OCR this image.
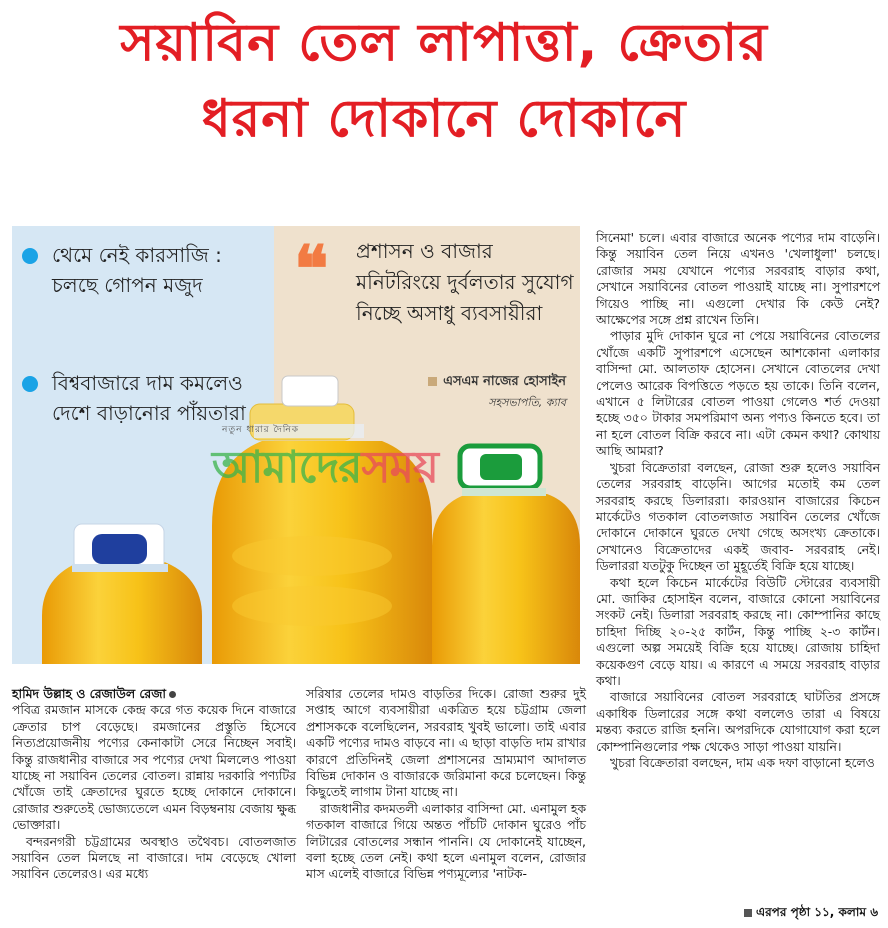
সয়াবিন তেল লাপাত্তা, ক্রেতার
ধরনা দোকানে দোকানে
থেমে নেই কারসাজি : চলছে গোপন মজুদ
বিশ্ববাজারে দাম কমলেও দেশে বাড়ানোর পাঁয়তারা
❝ প্রশাসন ও বাজার মনিটরিংয়ে দুর্বলতার সুযোগ নিচ্ছে অসাধু ব্যবসায়ীরা
এসএম নাজের হোসাইন
সহসভাপতি, ক্যাব
নতুন ধারার দৈনিক
আমাদেরসময়
হামিদ উল্লাহ ও রেজাউল রেজা

পবিত্র রমজান মাসকে কেন্দ্র করে গত কয়েক দিনে বাজারে ক্রেতার চাপ বেড়েছে। রমজানের প্রস্তুতি হিসেবে নিত্যপ্রয়োজনীয় পণ্যের কেনাকাটা সেরে নিচ্ছেন সবাই। কিন্তু রাজধানীর বাজারে সব পণ্যের দেখা মিললেও পাওয়া যাচ্ছে না সয়াবিন তেলের বোতল। রান্নায় দরকারি পণ্যটির খোঁজে তাই ক্রেতাদের ঘুরতে হচ্ছে দোকানে দোকানে। রোজার শুরুতেই ভোজ্যতেলে এমন বিড়ম্বনায় বেজায় ক্ষুব্ধ ভোক্তারা।

বন্দরনগরী চট্টগ্রামের অবস্থাও তথৈবচ। বোতলজাত সয়াবিন তেল মিলছে না বাজারে। দাম বেড়েছে খোলা সয়াবিন তেলেরও। এর মধ্যে

সরিষার তেলের দামও বাড়তির দিকে। রোজা শুরুর দুই সপ্তাহ আগে ব্যবসায়ীরা একত্রিত হয়ে চট্টগ্রাম জেলা প্রশাসককে বলেছিলেন, সরবরাহ খুবই ভালো। তাই এবার একটি পণ্যের দামও বাড়বে না। এ ছাড়া বাড়তি দাম রাখার কারণে প্রতিদিনই জেলা প্রশাসনের ভ্রাম্যমাণ আদালত বিভিন্ন দোকান ও বাজারকে জরিমানা করে চলেছেন। কিন্তু কিছুতেই লাগাম টানা যাচ্ছে না।

রাজধানীর কদমতলী এলাকার বাসিন্দা মো. এনামুল হক গতকাল বাজারে গিয়ে অন্তত পাঁচটি দোকান ঘুরেও পাঁচ লিটারের বোতলের সন্ধান পাননি। যে দোকানেই যাচ্ছেন, বলা হচ্ছে তেল নেই। কথা হলে এনামুল বলেন, রোজার মাস এলেই বাজারে বিভিন্ন পণ্যমূল্যের 'নাটক-

সিনেমা' চলে। এবার বাজারে অনেক পণ্যের দাম বাড়েনি। কিন্তু সয়াবিন তেল নিয়ে এখনও 'খেলাধুলা' চলছে। রোজার সময় যেখানে পণ্যের সরবরাহ বাড়ার কথা, সেখানে সয়াবিনের বোতল পাওয়াই যাচ্ছে না। সুপারশপে গিয়েও পাচ্ছি না। এগুলো দেখার কি কেউ নেই? আক্ষেপের সঙ্গে প্রশ্ন রাখেন তিনি।

পাড়ার মুদি দোকান ঘুরে না পেয়ে সয়াবিনের বোতলের খোঁজে একটি সুপারশপে এসেছেন আশকোনা এলাকার বাসিন্দা মো. আলতাফ হোসেন। সেখানে বোতলের দেখা পেলেও আরেক বিপত্তিতে পড়তে হয় তাকে। তিনি বলেন, এখানে ৫ লিটারের বোতল পাওয়া গেলেও শর্ত দেওয়া হচ্ছে ৩৫০ টাকার সমপরিমাণ অন্য পণ্যও কিনতে হবে। তা না হলে বোতল বিক্রি করবে না। এটা কেমন কথা? কোথায় আছি আমরা?

খুচরা বিক্রেতারা বলছেন, রোজা শুরু হলেও সয়াবিন তেলের সরবরাহ বাড়েনি। আগের মতোই কম তেল সরবরাহ করছে ডিলাররা। কারওয়ান বাজারের কিচেন মার্কেটেও গতকাল বোতলজাত সয়াবিন তেলের খোঁজে দোকানে দোকানে ঘুরতে দেখা গেছে অসংখ্য ক্রেতাকে। সেখানেও বিক্রেতাদের একই জবাব- সরবরাহ নেই। ডিলাররা যতটুকু দিচ্ছেন তা মুহূর্তেই বিক্রি হয়ে যাচ্ছে।

কথা হলে কিচেন মার্কেটের বিউটি স্টোরের ব্যবসায়ী মো. জাকির হোসাইন বলেন, বাজারে কোনো সয়াবিনের সংকট নেই। ডিলারা সরবরাহ করছে না। কোম্পানির কাছে চাহিদা দিচ্ছি ২০-২৫ কার্টন, কিন্তু পাচ্ছি ২-৩ কার্টন। এগুলো অল্প সময়েই বিক্রি হয়ে যাচ্ছে। রোজায় চাহিদা কয়েকগুণ বেড়ে যায়। এ কারণে এ সময়ে সরবরাহ বাড়ার কথা।

বাজারে সয়াবিনের বোতল সরবরাহে ঘাটতির প্রসঙ্গে একাধিক ডিলারের সঙ্গে কথা বললেও তারা এ বিষয়ে মন্তব্য করতে রাজি হননি। অপরদিকে যোগাযোগ করা হলে কোম্পানিগুলোর পক্ষ থেকেও সাড়া পাওয়া যায়নি।

খুচরা বিক্রেতারা বলছেন, দাম এক দফা বাড়ানো হলেও

এরপর পৃষ্ঠা ১১, কলাম ৬
